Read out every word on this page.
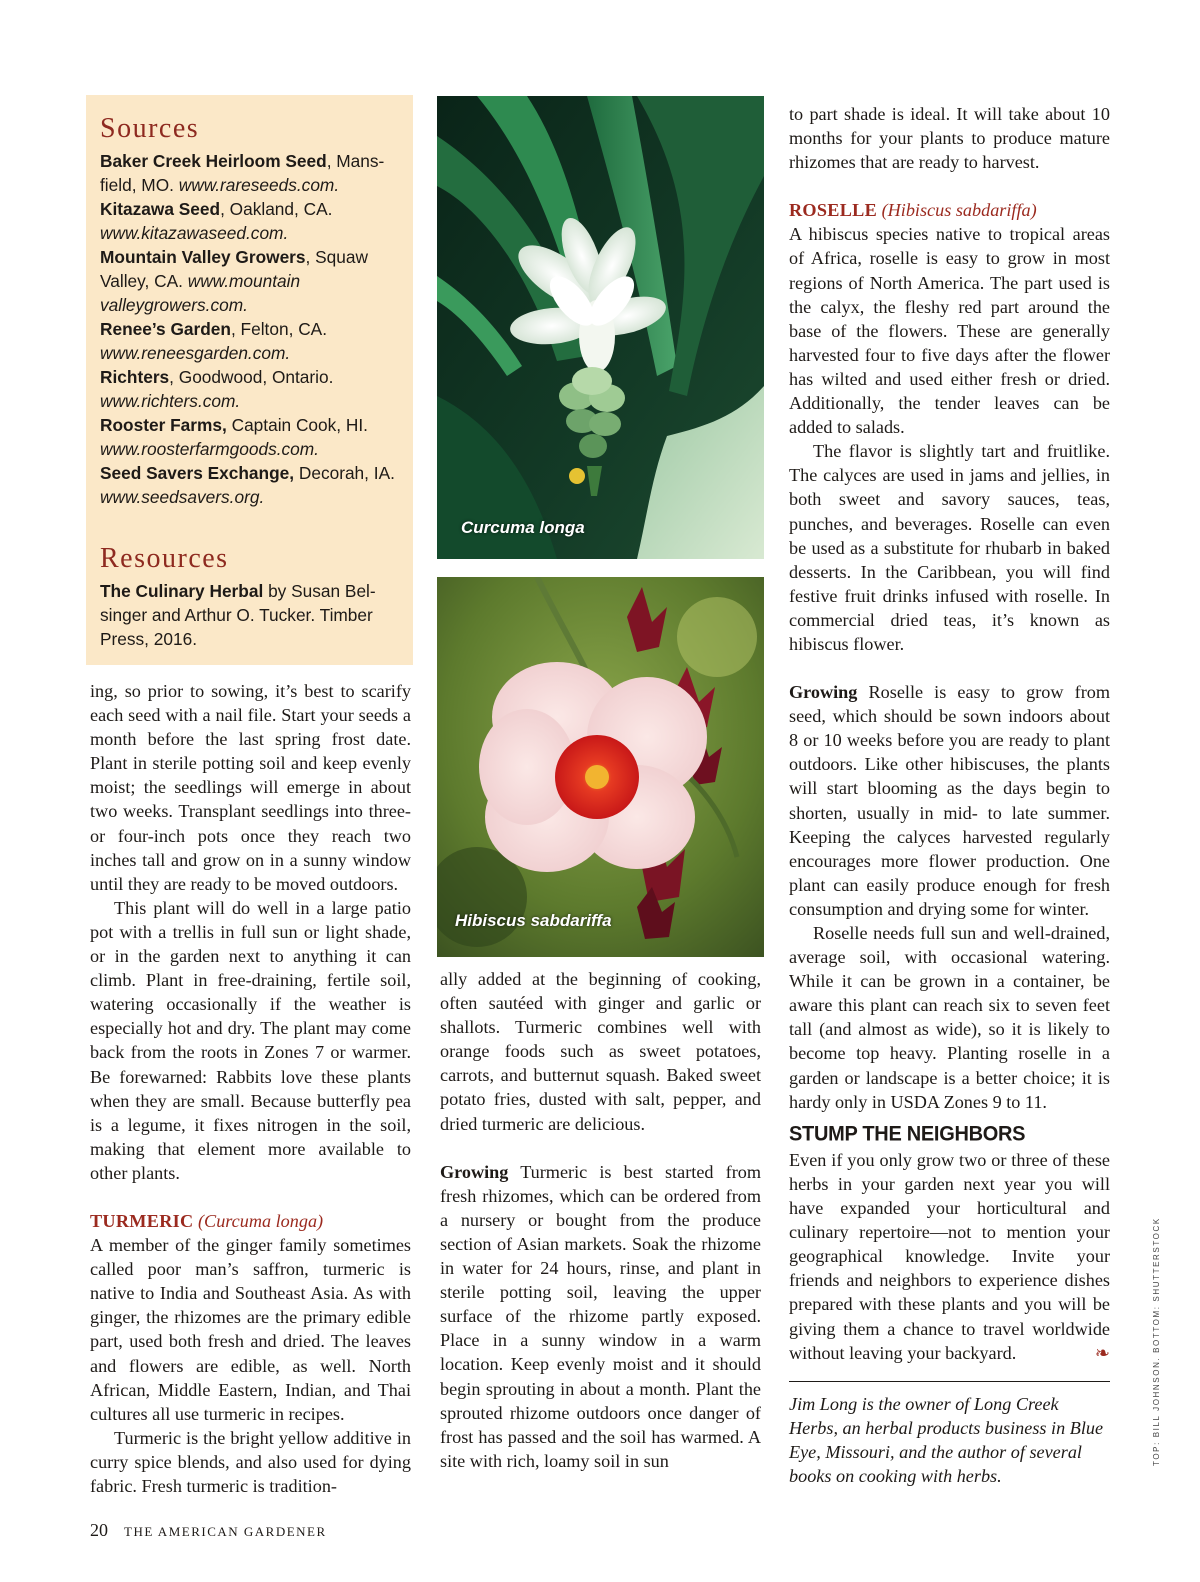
Sources
Baker Creek Heirloom Seed, Mans-field, MO. www.rareseeds.com.
Kitazawa Seed, Oakland, CA.
www.kitazawaseed.com.
Mountain Valley Growers, Squaw Valley, CA. www.mountain valleygrowers.com.
Renee’s Garden, Felton, CA.
www.reneesgarden.com.
Richters, Goodwood, Ontario.
www.richters.com.
Rooster Farms, Captain Cook, HI.
www.roosterfarmgoods.com.
Seed Savers Exchange, Decorah, IA.
www.seedsavers.org.
Resources
The Culinary Herbal by Susan Bel-singer and Arthur O. Tucker. Timber Press, 2016.

ing, so prior to sowing, it’s best to scarify each seed with a nail file. Start your seeds a month before the last spring frost date. Plant in sterile potting soil and keep evenly moist; the seedlings will emerge in about two weeks. Transplant seedlings into three- or four-inch pots once they reach two inches tall and grow on in a sunny window until they are ready to be moved outdoors.

This plant will do well in a large patio pot with a trellis in full sun or light shade, or in the garden next to anything it can climb. Plant in free-draining, fertile soil, watering occasionally if the weather is especially hot and dry. The plant may come back from the roots in Zones 7 or warmer. Be forewarned: Rabbits love these plants when they are small. Because butterfly pea is a legume, it fixes nitrogen in the soil, making that element more available to other plants.

TURMERIC (Curcuma longa)

A member of the ginger family sometimes called poor man’s saffron, turmeric is native to India and Southeast Asia. As with ginger, the rhizomes are the primary edible part, used both fresh and dried. The leaves and flowers are edible, as well. North African, Middle Eastern, Indian, and Thai cultures all use turmeric in recipes.

Turmeric is the bright yellow additive in curry spice blends, and also used for dying fabric. Fresh turmeric is tradition-

Curcuma longa
Hibiscus sabdariffa

ally added at the beginning of cooking, often sautéed with ginger and garlic or shallots. Turmeric combines well with orange foods such as sweet potatoes, carrots, and butternut squash. Baked sweet potato fries, dusted with salt, pepper, and dried turmeric are delicious.

Growing Turmeric is best started from fresh rhizomes, which can be ordered from a nursery or bought from the produce section of Asian markets. Soak the rhizome in water for 24 hours, rinse, and plant in sterile potting soil, leaving the upper surface of the rhizome partly exposed. Place in a sunny window in a warm location. Keep evenly moist and it should begin sprouting in about a month. Plant the sprouted rhizome outdoors once danger of frost has passed and the soil has warmed. A site with rich, loamy soil in sun

to part shade is ideal. It will take about 10 months for your plants to produce mature rhizomes that are ready to harvest.

ROSELLE (Hibiscus sabdariffa)

A hibiscus species native to tropical areas of Africa, roselle is easy to grow in most regions of North America. The part used is the calyx, the fleshy red part around the base of the flowers. These are generally harvested four to five days after the flower has wilted and used either fresh or dried. Additionally, the tender leaves can be added to salads.

The flavor is slightly tart and fruitlike. The calyces are used in jams and jellies, in both sweet and savory sauces, teas, punches, and beverages. Roselle can even be used as a substitute for rhubarb in baked desserts. In the Caribbean, you will find festive fruit drinks infused with roselle. In commercial dried teas, it’s known as hibiscus flower.

Growing Roselle is easy to grow from seed, which should be sown indoors about 8 or 10 weeks before you are ready to plant outdoors. Like other hibiscuses, the plants will start blooming as the days begin to shorten, usually in mid- to late summer. Keeping the calyces harvested regularly encourages more flower production. One plant can easily produce enough for fresh consumption and drying some for winter.

Roselle needs full sun and well-drained, average soil, with occasional watering. While it can be grown in a container, be aware this plant can reach six to seven feet tall (and almost as wide), so it is likely to become top heavy. Planting roselle in a garden or landscape is a better choice; it is hardy only in USDA Zones 9 to 11.

STUMP THE NEIGHBORS

Even if you only grow two or three of these herbs in your garden next year you will have expanded your horticultural and culinary repertoire—not to mention your geographical knowledge. Invite your friends and neighbors to experience dishes prepared with these plants and you will be giving them a chance to travel worldwide without leaving your backyard.	❧

Jim Long is the owner of Long Creek Herbs, an herbal products business in Blue Eye, Missouri, and the author of several books on cooking with herbs.

20 THE AMERICAN GARDENER
TOP: BILL JOHNSON. BOTTOM: SHUTTERSTOCK
